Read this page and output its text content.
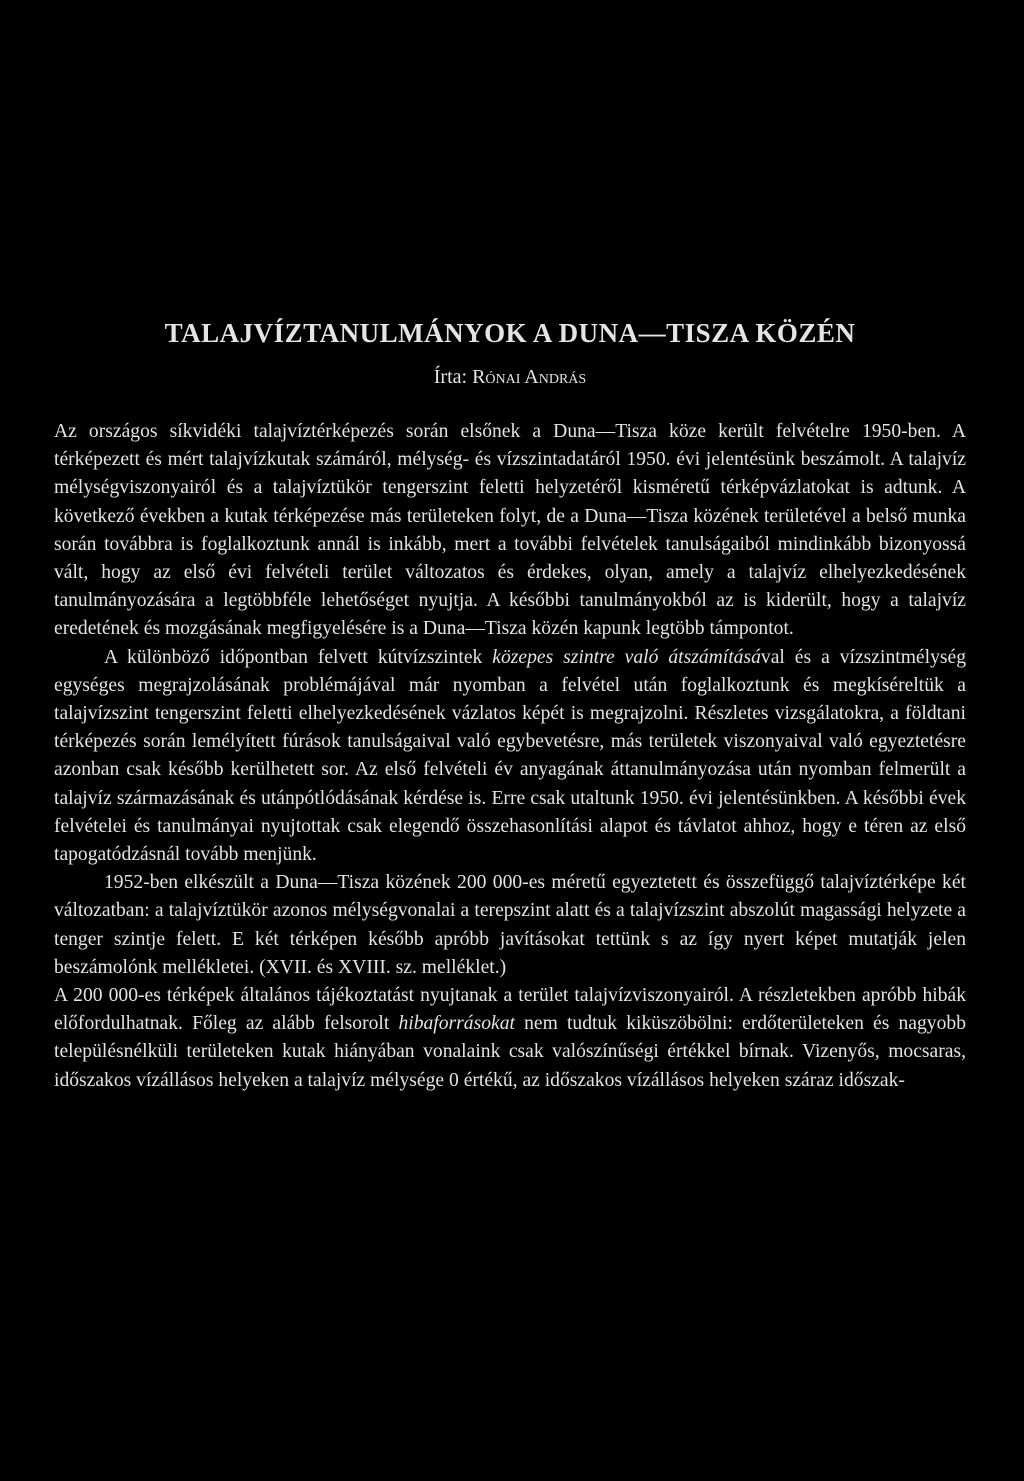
TALAJVÍZTANULMÁNYOK A DUNA—TISZA KÖZÉN
Írta: Rónai András

Az országos síkvidéki talajvíztérképezés során elsőnek a Duna—Tisza köze került felvételre 1950-ben. A térképezett és mért talajvízkutak számáról, mélység- és vízszintadatáról 1950. évi jelentésünk beszámolt. A talajvíz mélységviszonyairól és a talajvíztükör tengerszint feletti helyzetéről kisméretű térképvázlatokat is adtunk. A következő években a kutak térképezése más területeken folyt, de a Duna—Tisza közének területével a belső munka során továbbra is foglalkoztunk annál is inkább, mert a további felvételek tanulságaiból mindinkább bizonyossá vált, hogy az első évi felvételi terület változatos és érdekes, olyan, amely a talajvíz elhelyezkedésének tanulmányozására a legtöbbféle lehetőséget nyujtja. A későbbi tanulmányokból az is kiderült, hogy a talajvíz eredetének és mozgásának megfigyelésére is a Duna—Tisza közén kapunk legtöbb támpontot.

A különböző időpontban felvett kútvízszintek közepes szintre való átszámításával és a vízszintmélység egységes megrajzolásának problémájával már nyomban a felvétel után foglalkoztunk és megkíséreltük a talajvízszint tengerszint feletti elhelyezkedésének vázlatos képét is megrajzolni. Részletes vizsgálatokra, a földtani térképezés során lemélyített fúrások tanulságaival való egybevetésre, más területek viszonyaival való egyeztetésre azonban csak később kerülhetett sor. Az első felvételi év anyagának áttanulmányozása után nyomban felmerült a talajvíz származásának és utánpótlódásának kérdése is. Erre csak utaltunk 1950. évi jelentésünkben. A későbbi évek felvételei és tanulmányai nyujtottak csak elegendő összehasonlítási alapot és távlatot ahhoz, hogy e téren az első tapogatódzásnál tovább menjünk.

1952-ben elkészült a Duna—Tisza közének 200 000-es méretű egyeztetett és összefüggő talajvíztérképe két változatban: a talajvíztükör azonos mélységvonalai a terepszint alatt és a talajvízszint abszolút magassági helyzete a tenger szintje felett. E két térképen később apróbb javításokat tettünk s az így nyert képet mutatják jelen beszámolónk mellékletei. (XVII. és XVIII. sz. melléklet.)

A 200 000-es térképek általános tájékoztatást nyujtanak a terület talajvízviszonyairól. A részletekben apróbb hibák előfordulhatnak. Főleg az alább felsorolt hibaforrásokat nem tudtuk kiküszöbölni: erdőterületeken és nagyobb településnélküli területeken kutak hiányában vonalaink csak valószínűségi értékkel bírnak. Vizenyős, mocsaras, időszakos vízállásos helyeken a talajvíz mélysége 0 értékű, az időszakos vízállásos helyeken száraz időszak-
